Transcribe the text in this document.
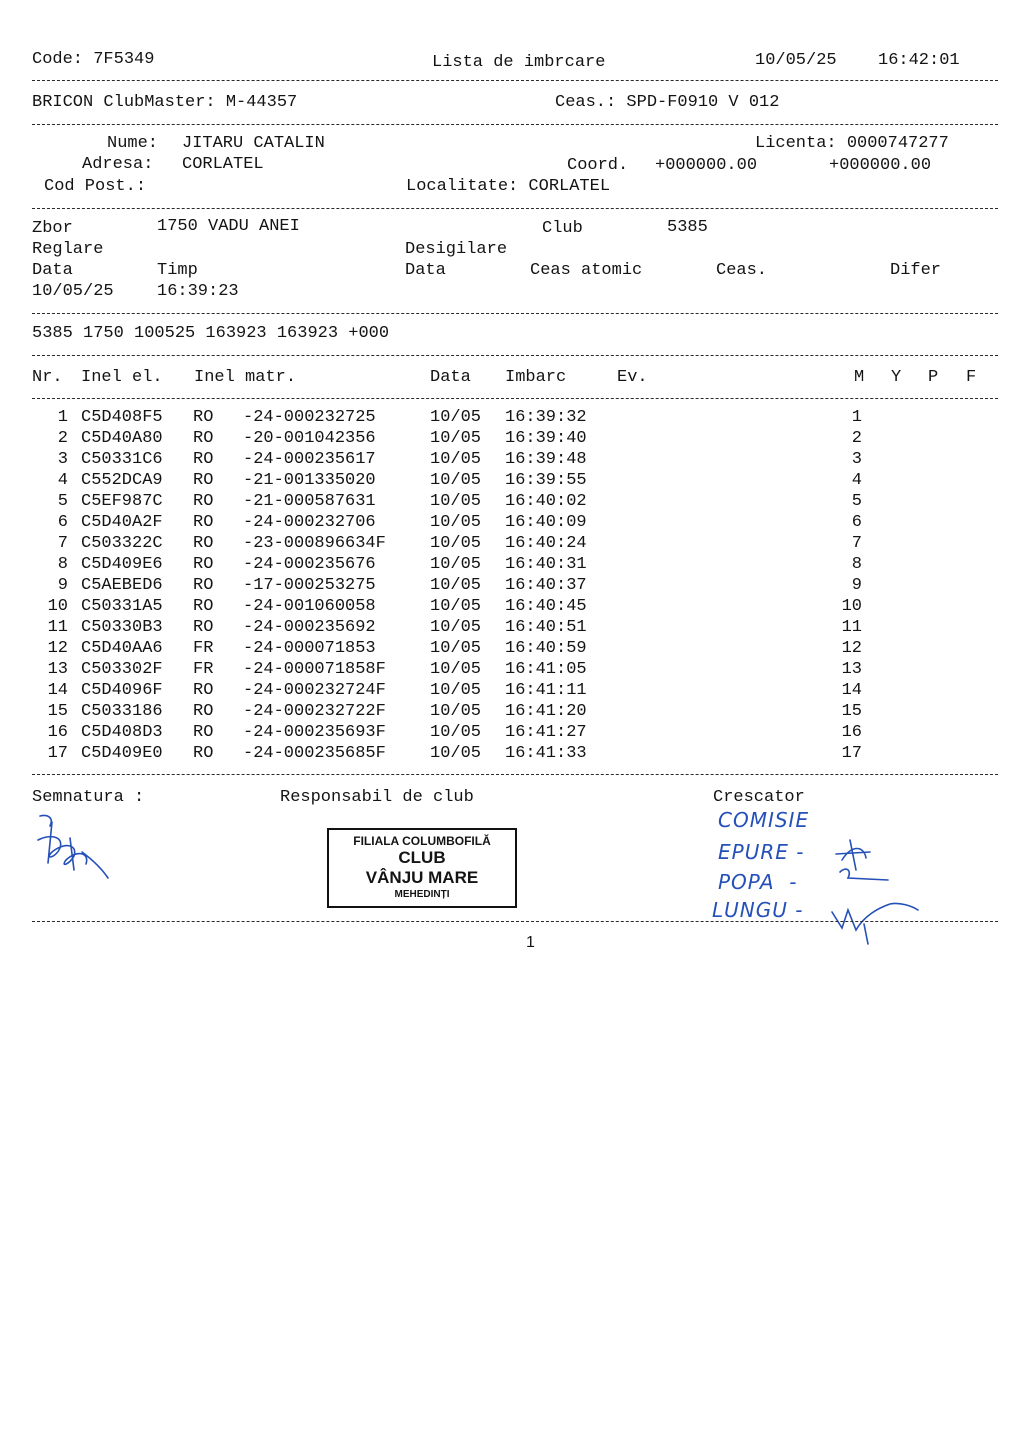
Code: 7F5349	Lista de imbrcare	10/05/25 16:42:01
BRICON ClubMaster: M-44357	Ceas.: SPD-F0910 V 012
Nume: JITARU CATALIN	Licenta: 0000747277
Adresa: CORLATEL	Coord. +000000.00	+000000.00
Cod Post.:	Localitate: CORLATEL
Zbor	1750 VADU ANEI	Club	5385
Reglare	Desigilare
Data	Timp	Data	Ceas atomic	Ceas.	Difer
10/05/25	16:39:23
5385 1750 100525 163923 163923 +000
Nr. Inel el. Inel matr.	Data Imbarc	Ev.	M Y P F
1 C5D408F5 RO -24-000232725	10/05 16:39:32	1
2 C5D40A80 RO -20-001042356	10/05 16:39:40	2
3 C50331C6 RO -24-000235617	10/05 16:39:48	3
4 C552DCA9 RO -21-001335020	10/05 16:39:55	4
5 C5EF987C RO -21-000587631	10/05 16:40:02	5
6 C5D40A2F RO -24-000232706	10/05 16:40:09	6
7 C503322C RO -23-000896634F	10/05 16:40:24	7
8 C5D409E6 RO -24-000235676	10/05 16:40:31	8
9 C5AEBED6 RO -17-000253275	10/05 16:40:37	9
10 C50331A5 RO -24-001060058	10/05 16:40:45	10
11 C50330B3 RO -24-000235692	10/05 16:40:51	11
12 C5D40AA6 FR -24-000071853	10/05 16:40:59	12
13 C503302F FR -24-000071858F	10/05 16:41:05	13
14 C5D4096F RO -24-000232724F	10/05 16:41:11	14
15 C5033186 RO -24-000232722F	10/05 16:41:20	15
16 C5D408D3 RO -24-000235693F	10/05 16:41:27	16
17 C5D409E0 RO -24-000235685F	10/05 16:41:33	17
Semnatura :	Responsabil de club	Crescator
FILIALA COLUMBOFILĂ
CLUB
VÂNJU MARE
MEHEDINȚI
COMISIE
EPURE -
POPA  -
LUNGU -
1
